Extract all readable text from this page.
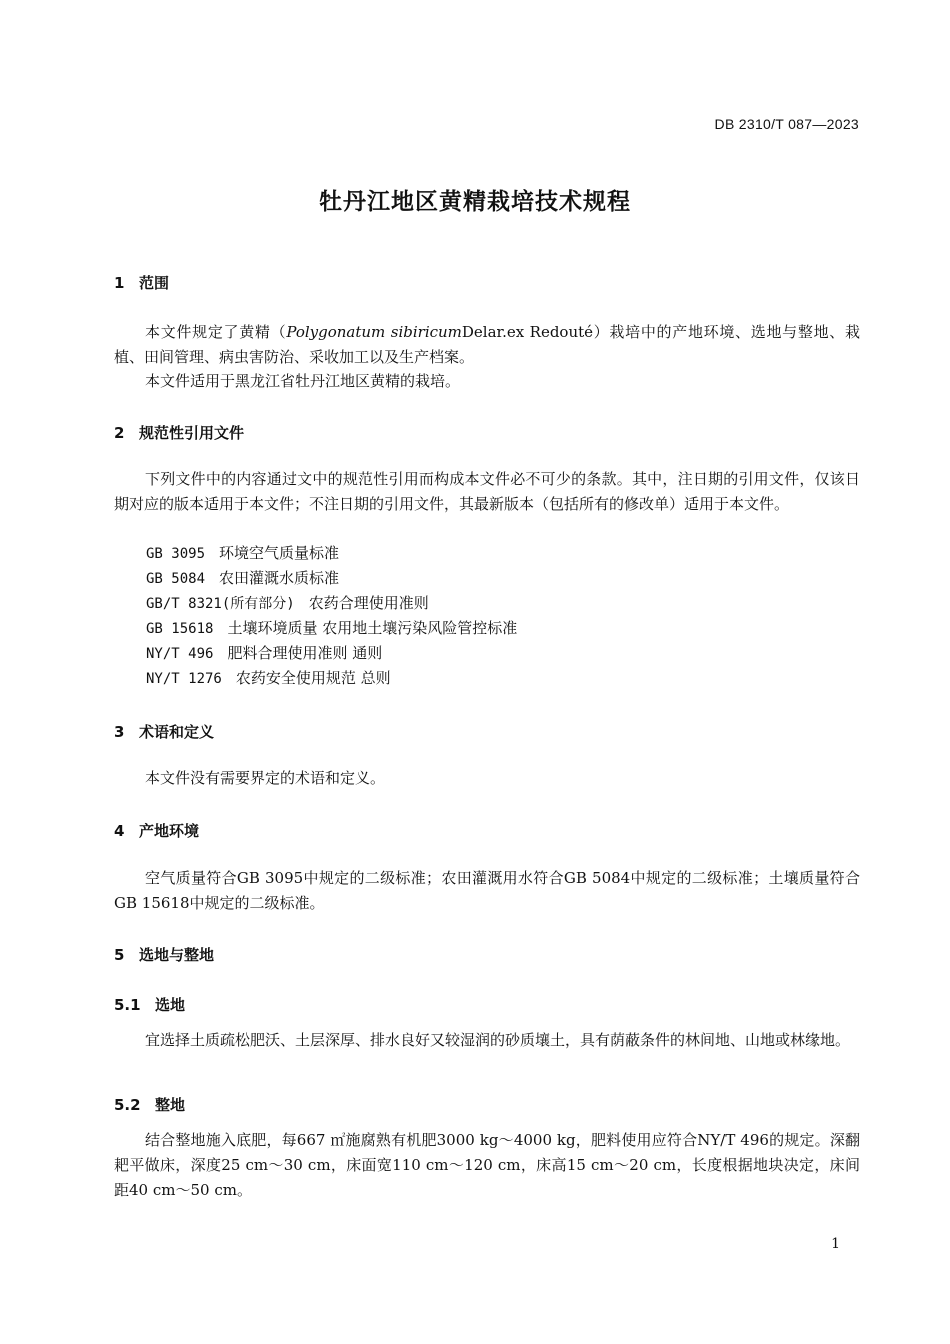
DB 2310/T 087—2023
牡丹江地区黄精栽培技术规程
1 范围
本文件规定了黄精（Polygonatum sibiricumDelar.ex Redouté）栽培中的产地环境、选地与整地、栽植、田间管理、病虫害防治、采收加工以及生产档案。
本文件适用于黑龙江省牡丹江地区黄精的栽培。
2 规范性引用文件
下列文件中的内容通过文中的规范性引用而构成本文件必不可少的条款。其中，注日期的引用文件，仅该日期对应的版本适用于本文件；不注日期的引用文件，其最新版本（包括所有的修改单）适用于本文件。
GB 3095 环境空气质量标准
GB 5084 农田灌溉水质标准
GB/T 8321(所有部分) 农药合理使用准则
GB 15618 土壤环境质量 农用地土壤污染风险管控标准
NY/T 496 肥料合理使用准则 通则
NY/T 1276 农药安全使用规范 总则
3 术语和定义
本文件没有需要界定的术语和定义。
4 产地环境
空气质量符合GB 3095中规定的二级标准；农田灌溉用水符合GB 5084中规定的二级标准；土壤质量符合GB 15618中规定的二级标准。
5 选地与整地
5.1 选地
宜选择土质疏松肥沃、土层深厚、排水良好又较湿润的砂质壤土，具有荫蔽条件的林间地、山地或林缘地。
5.2 整地
结合整地施入底肥，每667 ㎡施腐熟有机肥3000 kg～4000 kg，肥料使用应符合NY/T 496的规定。深翻耙平做床，深度25 cm～30 cm，床面宽110 cm～120 cm，床高15 cm～20 cm，长度根据地块决定，床间距40 cm～50 cm。
1
